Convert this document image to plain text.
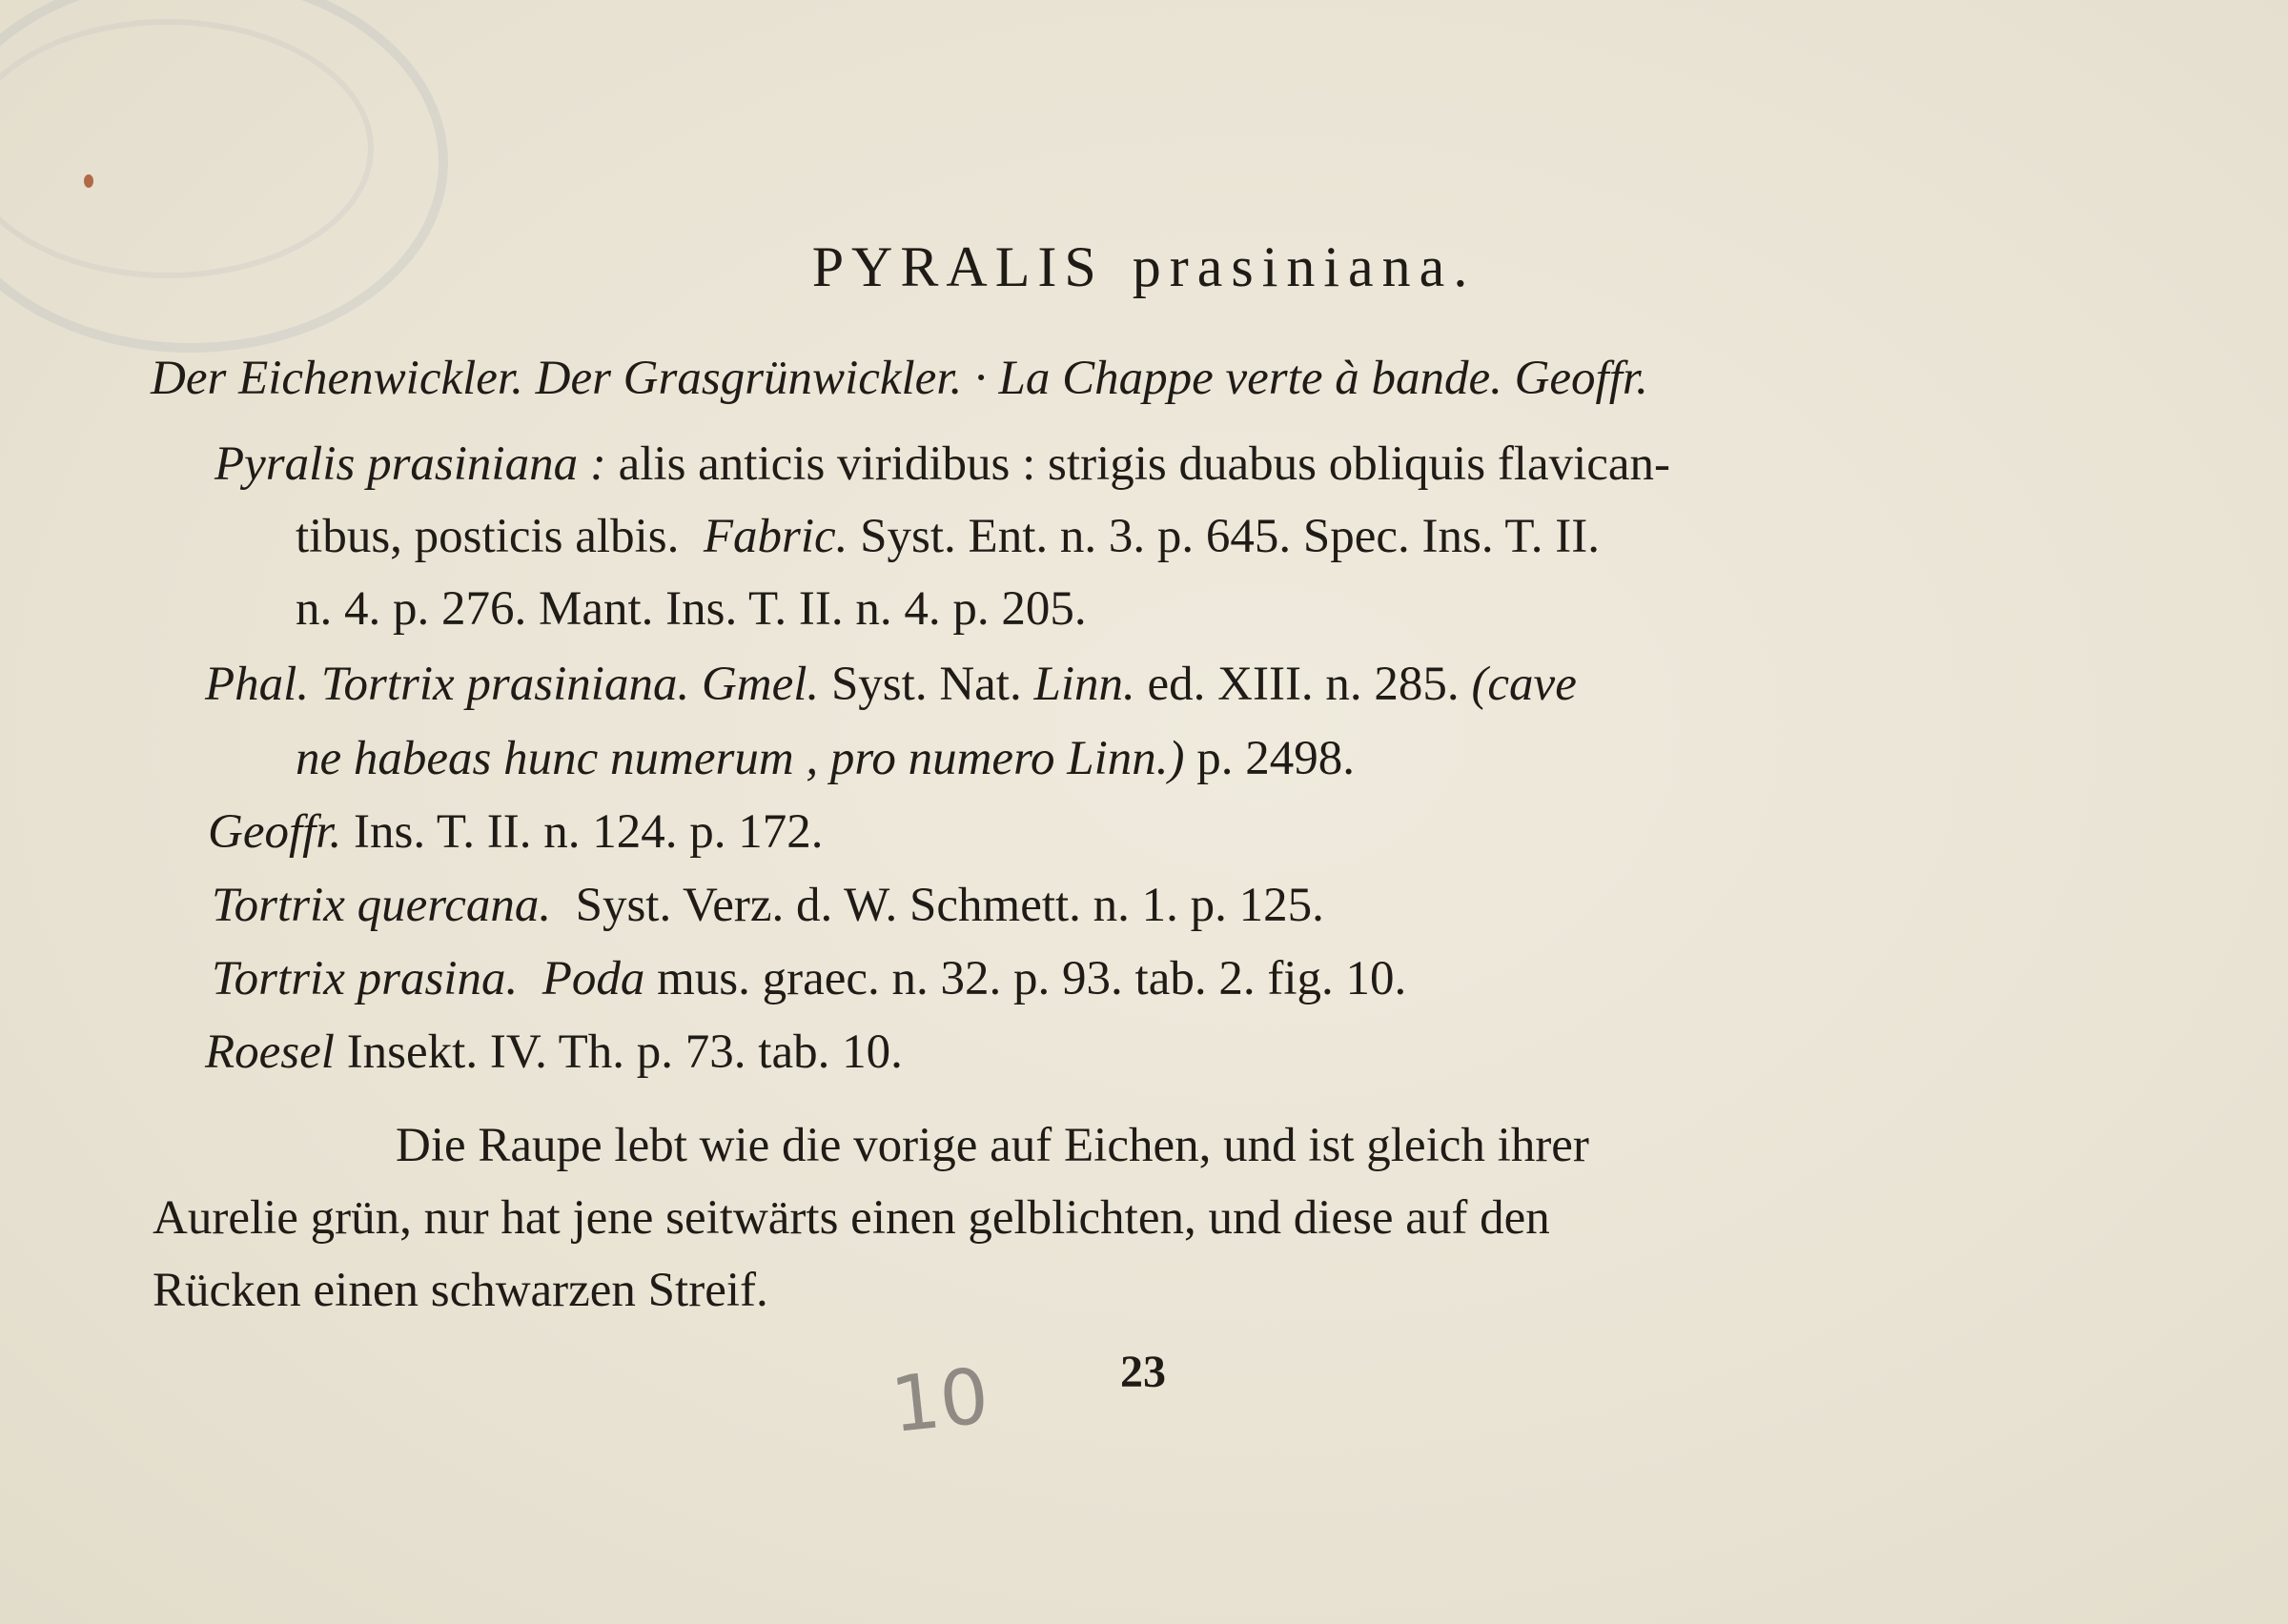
PYRALIS prasiniana.
Der Eichenwickler. Der Grasgrünwickler. · La Chappe verte à bande. Geoffr.
Pyralis prasiniana : alis anticis viridibus : strigis duabus obliquis flavican-
tibus, posticis albis. Fabric. Syst. Ent. n. 3. p. 645. Spec. Ins. T. II.
n. 4. p. 276. Mant. Ins. T. II. n. 4. p. 205.
Phal. Tortrix prasiniana. Gmel. Syst. Nat. Linn. ed. XIII. n. 285. (cave
ne habeas hunc numerum , pro numero Linn.) p. 2498.
Geoffr. Ins. T. II. n. 124. p. 172.
Tortrix quercana. Syst. Verz. d. W. Schmett. n. 1. p. 125.
Tortrix prasina. Poda mus. graec. n. 32. p. 93. tab. 2. fig. 10.
Roesel Insekt. IV. Th. p. 73. tab. 10.
Die Raupe lebt wie die vorige auf Eichen, und ist gleich ihrer
Aurelie grün, nur hat jene seitwärts einen gelblichten, und diese auf den
Rücken einen schwarzen Streif.
10	23
